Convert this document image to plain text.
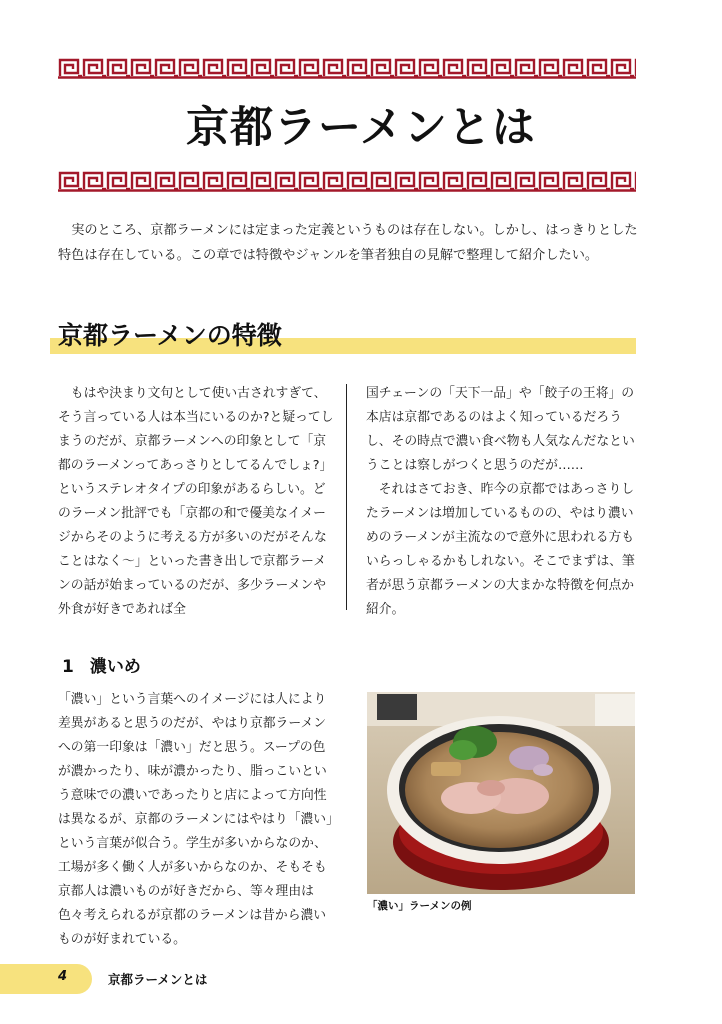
京都ラーメンとは
実のところ、京都ラーメンには定まった定義というものは存在しない。しかし、はっきりとした特色は存在している。この章では特徴やジャンルを筆者独自の見解で整理して紹介したい。
京都ラーメンの特徴

もはや決まり文句として使い古されすぎて、そう言っている人は本当にいるのか?と疑ってしまうのだが、京都ラーメンへの印象として「京都のラーメンってあっさりとしてるんでしょ?」というステレオタイプの印象があるらしい。どのラーメン批評でも「京都の和で優美なイメージからそのように考える方が多いのだがそんなことはなく〜」といった書き出しで京都ラーメンの話が始まっているのだが、多少ラーメンや外食が好きであれば全

国チェーンの「天下一品」や「餃子の王将」の本店は京都であるのはよく知っているだろうし、その時点で濃い食べ物も人気なんだなということは察しがつくと思うのだが……

それはさておき、昨今の京都ではあっさりしたラーメンは増加しているものの、やはり濃いめのラーメンが主流なので意外に思われる方もいらっしゃるかもしれない。そこでまずは、筆者が思う京都ラーメンの大まかな特徴を何点か紹介。

1 濃いめ

「濃い」という言葉へのイメージには人により差異があると思うのだが、やはり京都ラーメンへの第一印象は「濃い」だと思う。スープの色が濃かったり、味が濃かったり、脂っこいという意味での濃いであったりと店によって方向性は異なるが、京都のラーメンにはやはり「濃い」という言葉が似合う。学生が多いからなのか、工場が多く働く人が多いからなのか、そもそも京都人は濃いものが好きだから、等々理由は色々考えられるが京都のラーメンは昔から濃いものが好まれている。

「濃い」ラーメンの例
4	京都ラーメンとは
